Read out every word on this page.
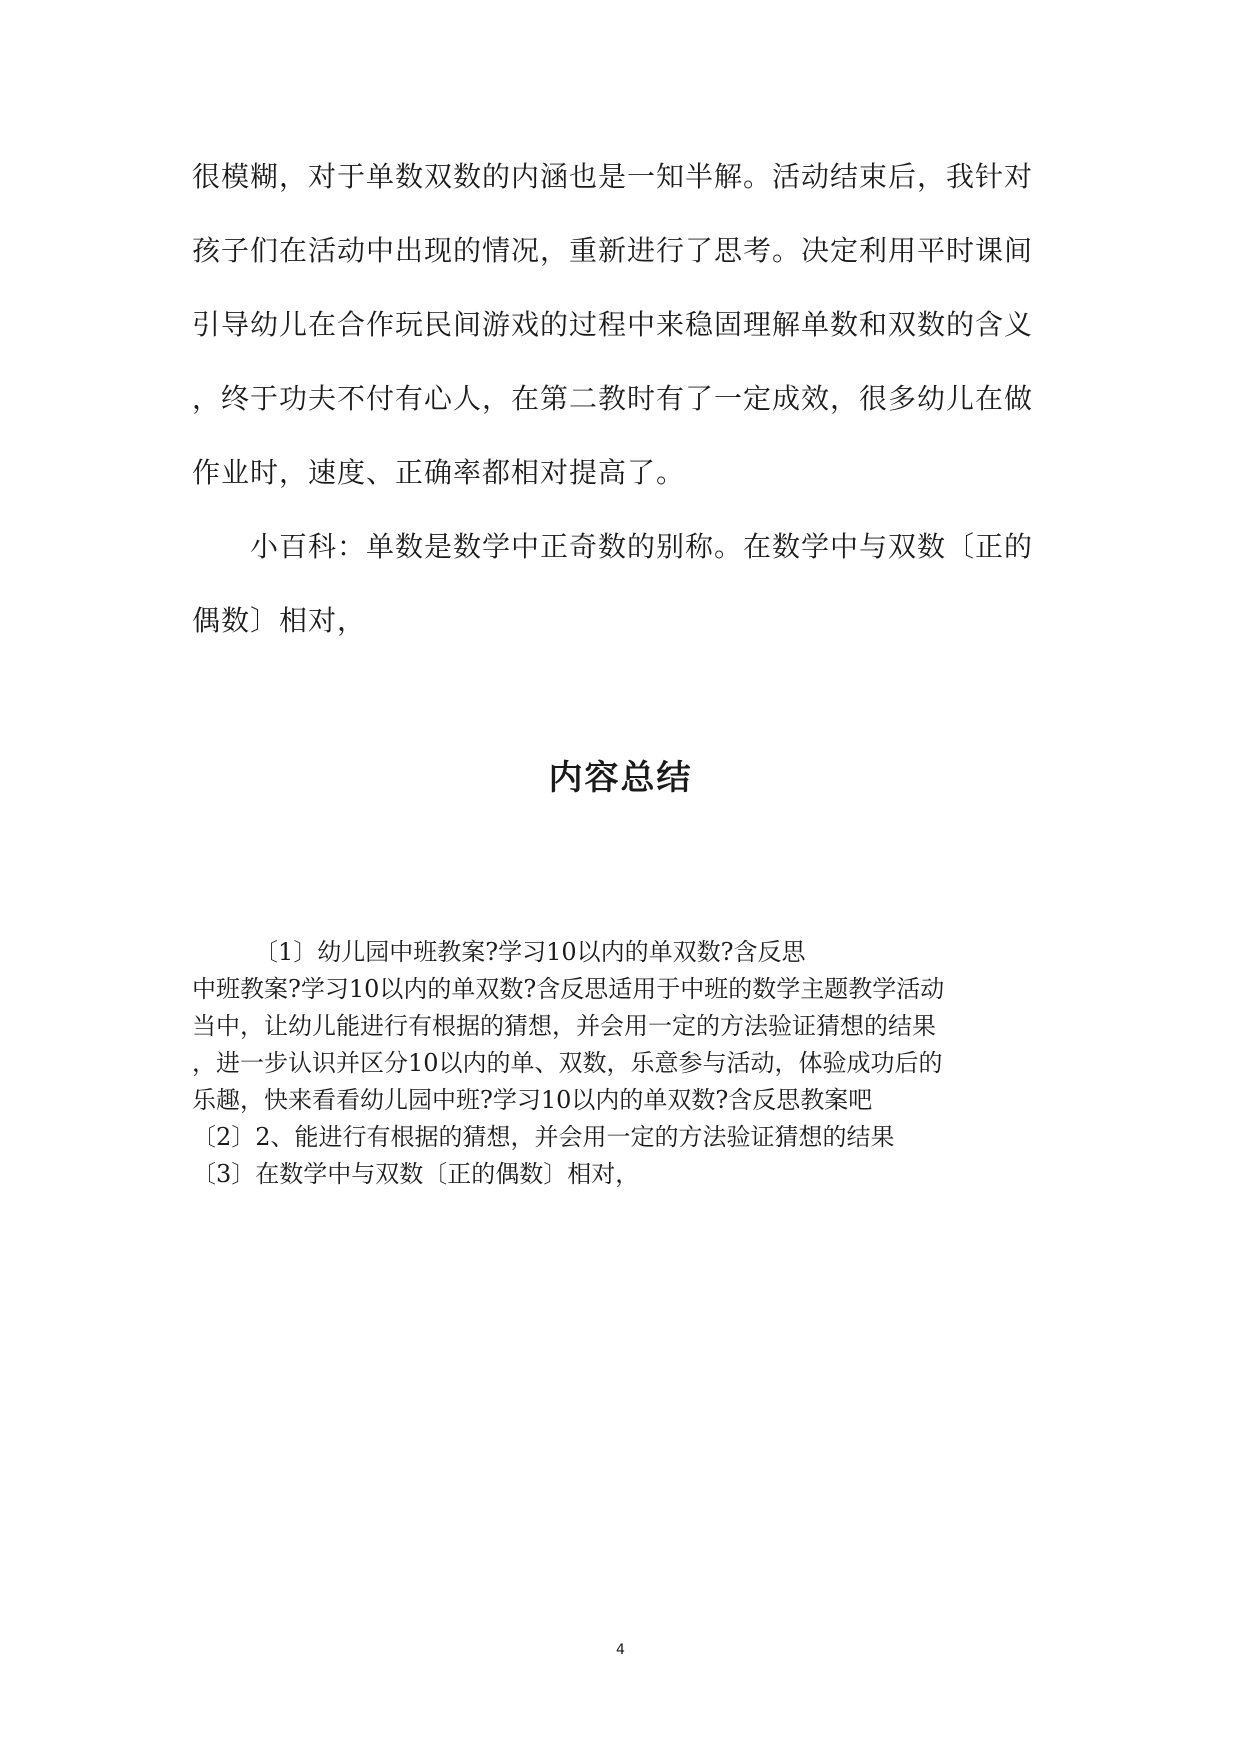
很模糊，对于单数双数的内涵也是一知半解。活动结束后，我针对
孩子们在活动中出现的情况，重新进行了思考。决定利用平时课间
引导幼儿在合作玩民间游戏的过程中来稳固理解单数和双数的含义
，终于功夫不付有心人，在第二教时有了一定成效，很多幼儿在做
作业时，速度、正确率都相对提高了。
小百科：单数是数学中正奇数的别称。在数学中与双数〔正的
偶数〕相对，
内容总结
〔1〕幼儿园中班教案?学习10以内的单双数?含反思
中班教案?学习10以内的单双数?含反思适用于中班的数学主题教学活动
当中，让幼儿能进行有根据的猜想，并会用一定的方法验证猜想的结果
，进一步认识并区分10以内的单、双数，乐意参与活动，体验成功后的
乐趣，快来看看幼儿园中班?学习10以内的单双数?含反思教案吧
〔2〕2、能进行有根据的猜想，并会用一定的方法验证猜想的结果
〔3〕在数学中与双数〔正的偶数〕相对，
4
